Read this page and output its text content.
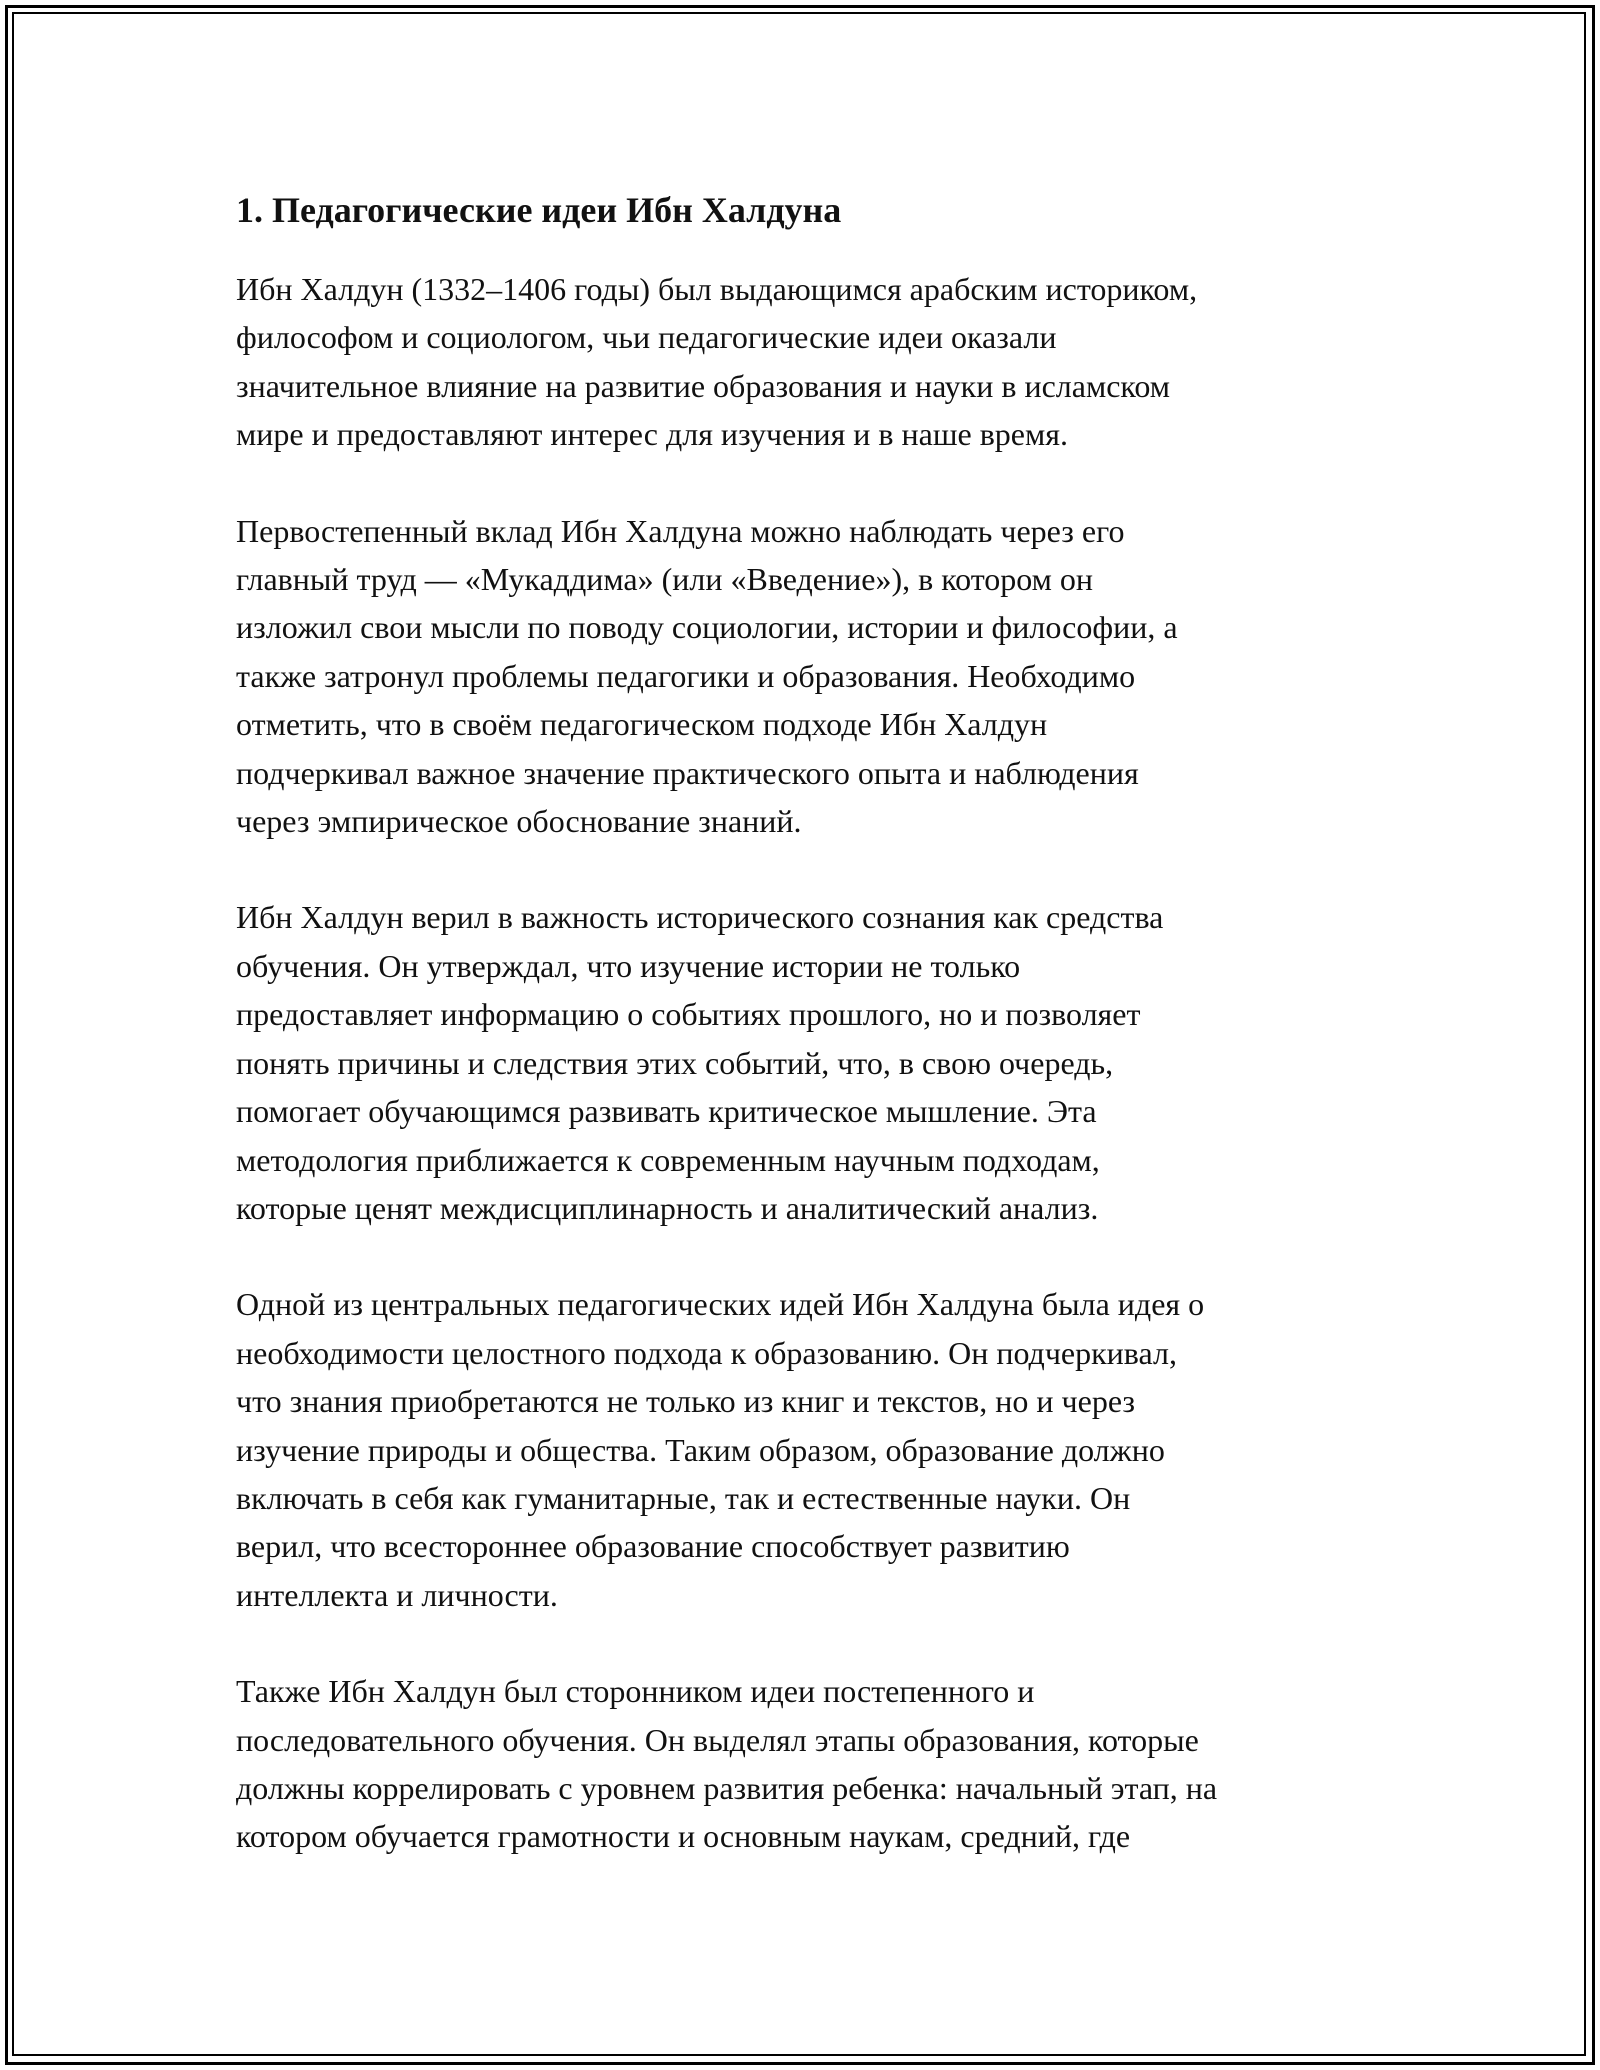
1. Педагогические идеи Ибн Халдуна

Ибн Халдун (1332–1406 годы) был выдающимся арабским историком,
философом и социологом, чьи педагогические идеи оказали
значительное влияние на развитие образования и науки в исламском
мире и предоставляют интерес для изучения и в наше время.

Первостепенный вклад Ибн Халдуна можно наблюдать через его
главный труд — «Мукаддима» (или «Введение»), в котором он
изложил свои мысли по поводу социологии, истории и философии, а
также затронул проблемы педагогики и образования. Необходимо
отметить, что в своём педагогическом подходе Ибн Халдун
подчеркивал важное значение практического опыта и наблюдения
через эмпирическое обоснование знаний.

Ибн Халдун верил в важность исторического сознания как средства
обучения. Он утверждал, что изучение истории не только
предоставляет информацию о событиях прошлого, но и позволяет
понять причины и следствия этих событий, что, в свою очередь,
помогает обучающимся развивать критическое мышление. Эта
методология приближается к современным научным подходам,
которые ценят междисциплинарность и аналитический анализ.

Одной из центральных педагогических идей Ибн Халдуна была идея о
необходимости целостного подхода к образованию. Он подчеркивал,
что знания приобретаются не только из книг и текстов, но и через
изучение природы и общества. Таким образом, образование должно
включать в себя как гуманитарные, так и естественные науки. Он
верил, что всестороннее образование способствует развитию
интеллекта и личности.

Также Ибн Халдун был сторонником идеи постепенного и
последовательного обучения. Он выделял этапы образования, которые
должны коррелировать с уровнем развития ребенка: начальный этап, на
котором обучается грамотности и основным наукам, средний, где
